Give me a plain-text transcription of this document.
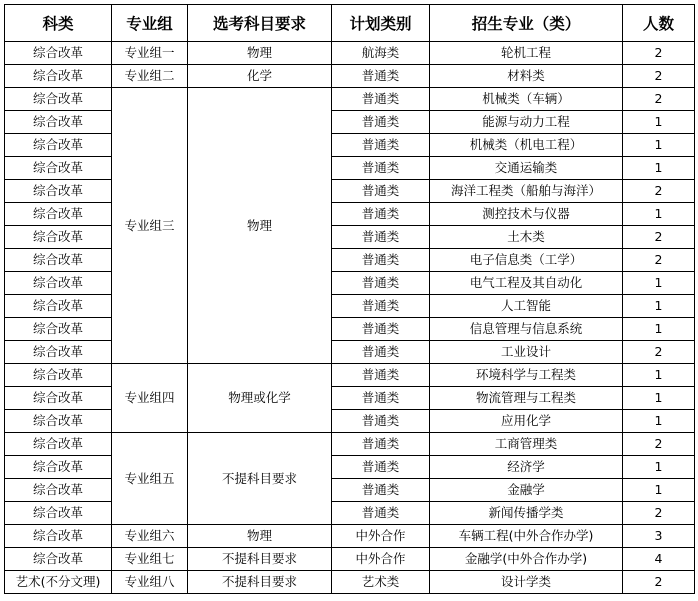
科类	专业组	选考科目要求	计划类别	招生专业（类）	人数
综合改革	专业组一	物理	航海类	轮机工程	2
综合改革	专业组二	化学	普通类	材料类	2
综合改革	专业组三	物理	普通类	机械类（车辆）	2
综合改革			普通类	能源与动力工程	1
综合改革			普通类	机械类（机电工程）	1
综合改革			普通类	交通运输类	1
综合改革			普通类	海洋工程类（船舶与海洋）	2
综合改革			普通类	测控技术与仪器	1
综合改革			普通类	土木类	2
综合改革			普通类	电子信息类（工学）	2
综合改革			普通类	电气工程及其自动化	1
综合改革			普通类	人工智能	1
综合改革			普通类	信息管理与信息系统	1
综合改革			普通类	工业设计	2
综合改革	专业组四	物理或化学	普通类	环境科学与工程类	1
综合改革			普通类	物流管理与工程类	1
综合改革			普通类	应用化学	1
综合改革	专业组五	不提科目要求	普通类	工商管理类	2
综合改革			普通类	经济学	1
综合改革			普通类	金融学	1
综合改革			普通类	新闻传播学类	2
综合改革	专业组六	物理	中外合作	车辆工程(中外合作办学)	3
综合改革	专业组七	不提科目要求	中外合作	金融学(中外合作办学)	4
艺术(不分文理)	专业组八	不提科目要求	艺术类	设计学类	2
